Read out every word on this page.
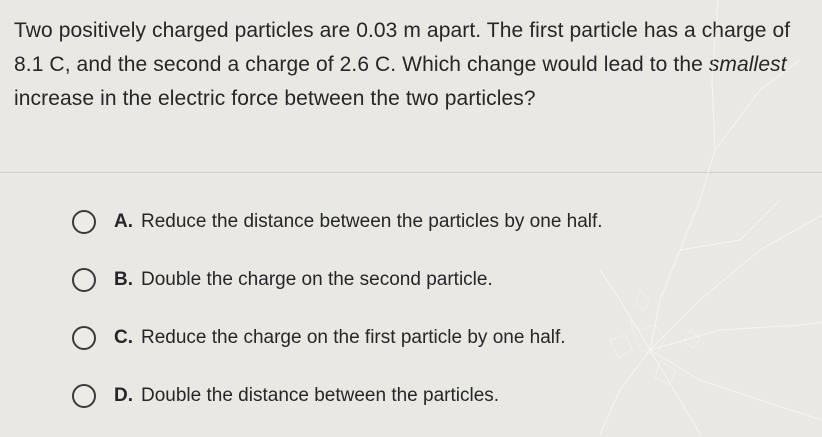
Two positively charged particles are 0.03 m apart. The first particle has a charge of 8.1 C, and the second a charge of 2.6 C. Which change would lead to the smallest increase in the electric force between the two particles?
A. Reduce the distance between the particles by one half.
B. Double the charge on the second particle.
C. Reduce the charge on the first particle by one half.
D. Double the distance between the particles.
